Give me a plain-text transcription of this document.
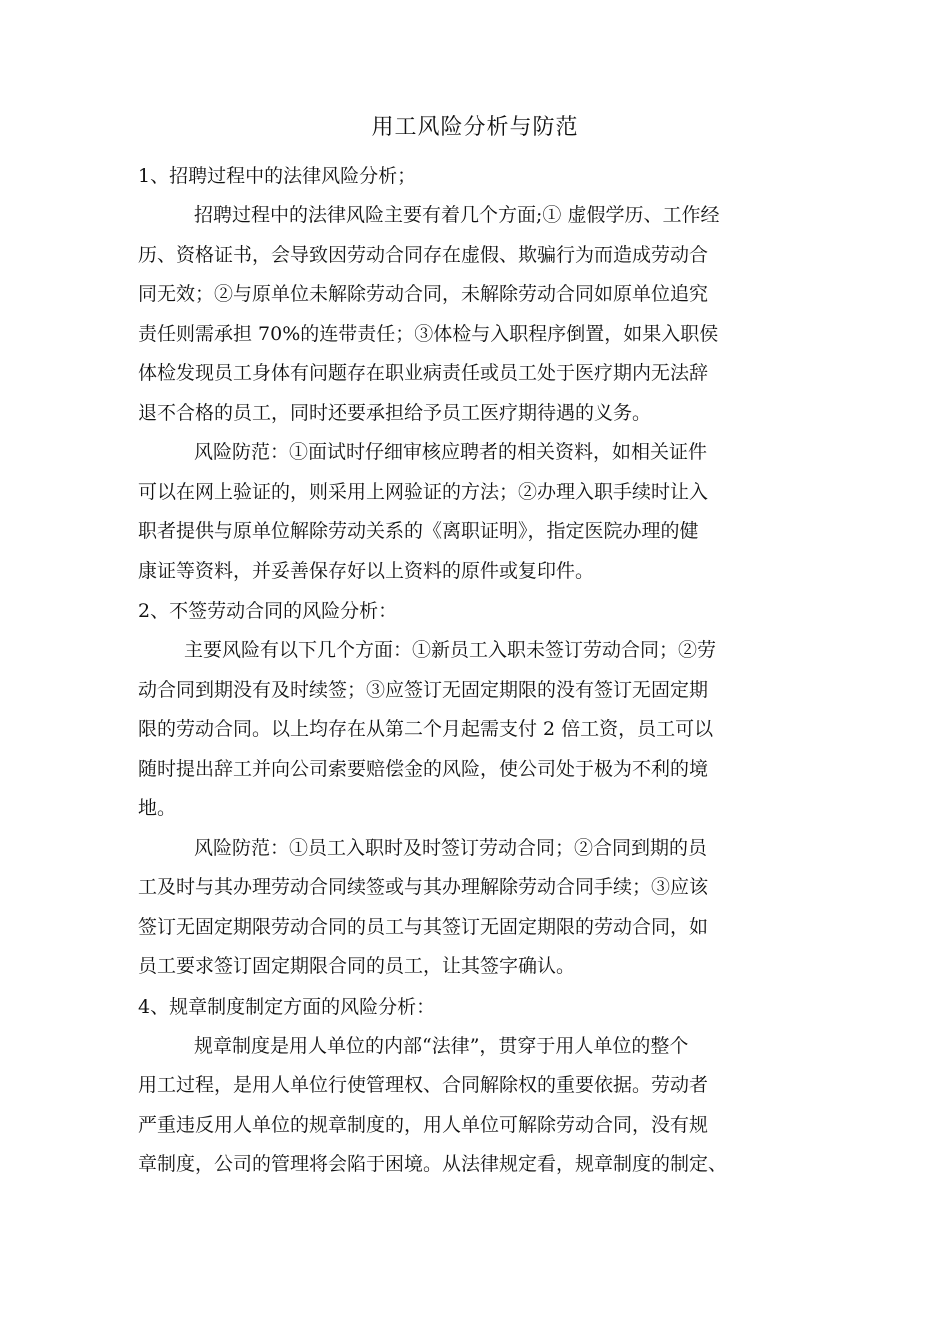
用工风险分析与防范
1、招聘过程中的法律风险分析；

招聘过程中的法律风险主要有着几个方面;① 虚假学历、工作经
历、资格证书，会导致因劳动合同存在虚假、欺骗行为而造成劳动合
同无效；②与原单位未解除劳动合同，未解除劳动合同如原单位追究
责任则需承担 70%的连带责任；③体检与入职程序倒置，如果入职侯
体检发现员工身体有问题存在职业病责任或员工处于医疗期内无法辞
退不合格的员工，同时还要承担给予员工医疗期待遇的义务。

风险防范：①面试时仔细审核应聘者的相关资料，如相关证件
可以在网上验证的，则采用上网验证的方法；②办理入职手续时让入
职者提供与原单位解除劳动关系的《离职证明》，指定医院办理的健
康证等资料，并妥善保存好以上资料的原件或复印件。

2、不签劳动合同的风险分析：

主要风险有以下几个方面：①新员工入职未签订劳动合同；②劳
动合同到期没有及时续签；③应签订无固定期限的没有签订无固定期
限的劳动合同。以上均存在从第二个月起需支付 2 倍工资，员工可以
随时提出辞工并向公司索要赔偿金的风险，使公司处于极为不利的境
地。

风险防范：①员工入职时及时签订劳动合同；②合同到期的员
工及时与其办理劳动合同续签或与其办理解除劳动合同手续；③应该
签订无固定期限劳动合同的员工与其签订无固定期限的劳动合同，如
员工要求签订固定期限合同的员工，让其签字确认。

4、规章制度制定方面的风险分析：

规章制度是用人单位的内部“法律”，贯穿于用人单位的整个
用工过程，是用人单位行使管理权、合同解除权的重要依据。劳动者
严重违反用人单位的规章制度的，用人单位可解除劳动合同，没有规
章制度，公司的管理将会陷于困境。从法律规定看，规章制度的制定、
